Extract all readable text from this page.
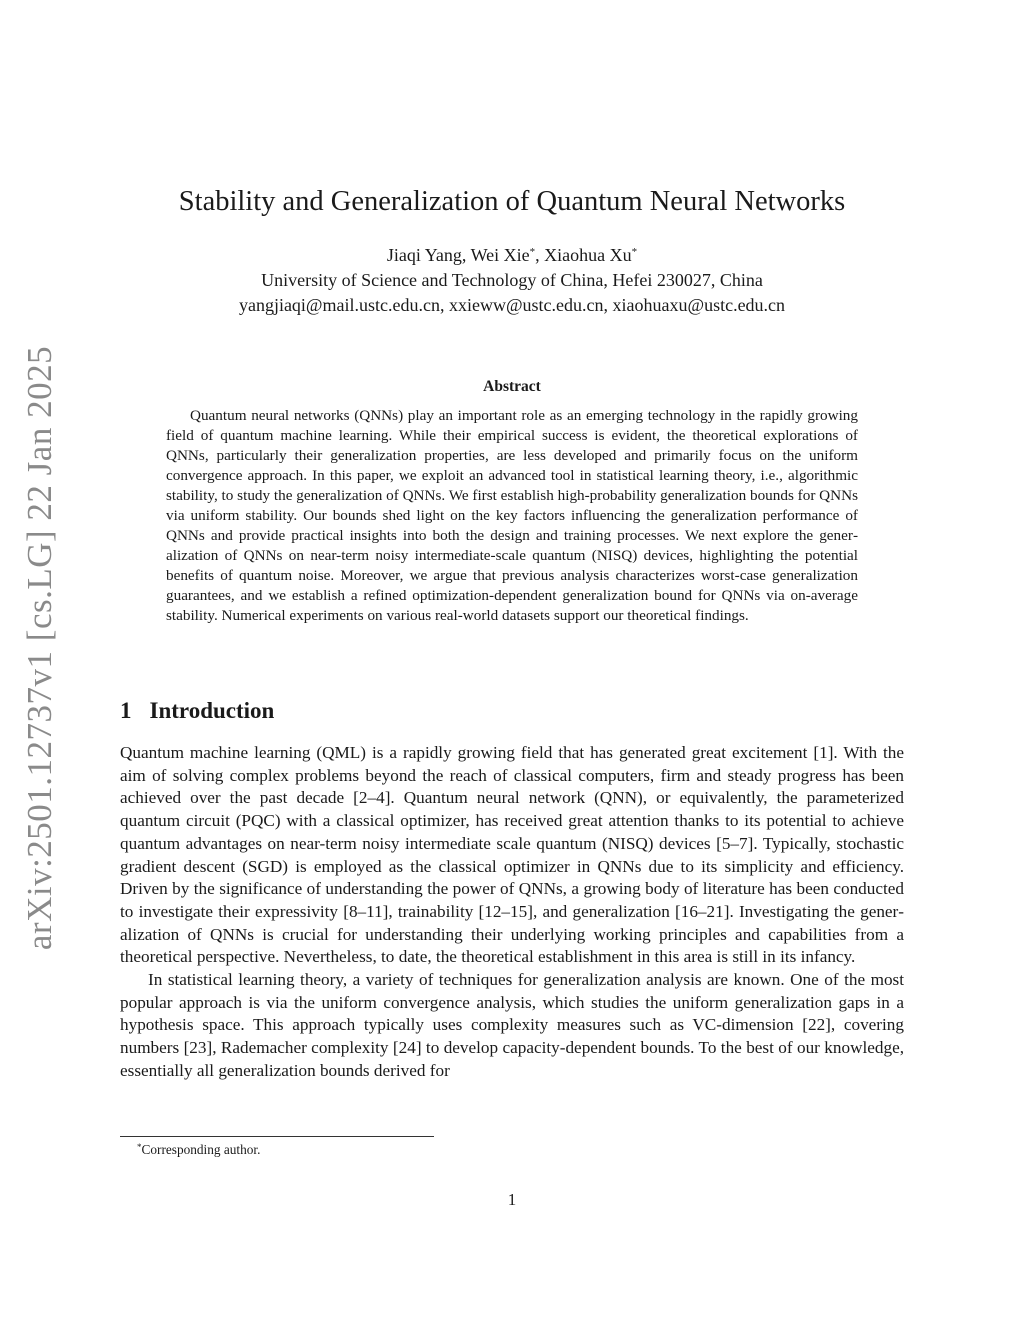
arXiv:2501.12737v1 [cs.LG] 22 Jan 2025
Stability and Generalization of Quantum Neural Networks
Jiaqi Yang, Wei Xie*, Xiaohua Xu*
University of Science and Technology of China, Hefei 230027, China
yangjiaqi@mail.ustc.edu.cn, xxieww@ustc.edu.cn, xiaohuaxu@ustc.edu.cn
Abstract

Quantum neural networks (QNNs) play an important role as an emerging technology in the rapidly growing field of quantum machine learning. While their empirical success is evident, the theoretical explorations of QNNs, particularly their generalization properties, are less developed and primarily focus on the uniform convergence approach. In this paper, we exploit an advanced tool in statistical learning theory, i.e., algorithmic stability, to study the generalization of QNNs. We first establish high-probability generalization bounds for QNNs via uniform stability. Our bounds shed light on the key factors influencing the generalization performance of QNNs and provide practical insights into both the design and training processes. We next explore the generalization of QNNs on near-term noisy intermediate-scale quantum (NISQ) devices, highlighting the potential benefits of quantum noise. Moreover, we argue that previous analysis characterizes worst-case generalization guarantees, and we establish a refined optimization-dependent generalization bound for QNNs via on-average stability. Numerical experiments on various real-world datasets support our theoretical findings.

1 Introduction

Quantum machine learning (QML) is a rapidly growing field that has generated great excitement [1]. With the aim of solving complex problems beyond the reach of classical computers, firm and steady progress has been achieved over the past decade [2–4]. Quantum neural network (QNN), or equivalently, the parameterized quantum circuit (PQC) with a classical optimizer, has received great attention thanks to its potential to achieve quantum advantages on near-term noisy intermediate scale quantum (NISQ) devices [5–7]. Typically, stochastic gradient descent (SGD) is employed as the classical optimizer in QNNs due to its simplicity and efficiency. Driven by the significance of understanding the power of QNNs, a growing body of literature has been conducted to investigate their expressivity [8–11], trainability [12–15], and generalization [16–21]. Investigating the generalization of QNNs is crucial for understanding their underlying working principles and capabilities from a theoretical perspective. Nevertheless, to date, the theoretical establishment in this area is still in its infancy.

In statistical learning theory, a variety of techniques for generalization analysis are known. One of the most popular approach is via the uniform convergence analysis, which studies the uniform generalization gaps in a hypothesis space. This approach typically uses complexity measures such as VC-dimension [22], covering numbers [23], Rademacher complexity [24] to develop capacity-dependent bounds. To the best of our knowledge, essentially all generalization bounds derived for

*Corresponding author.

1
